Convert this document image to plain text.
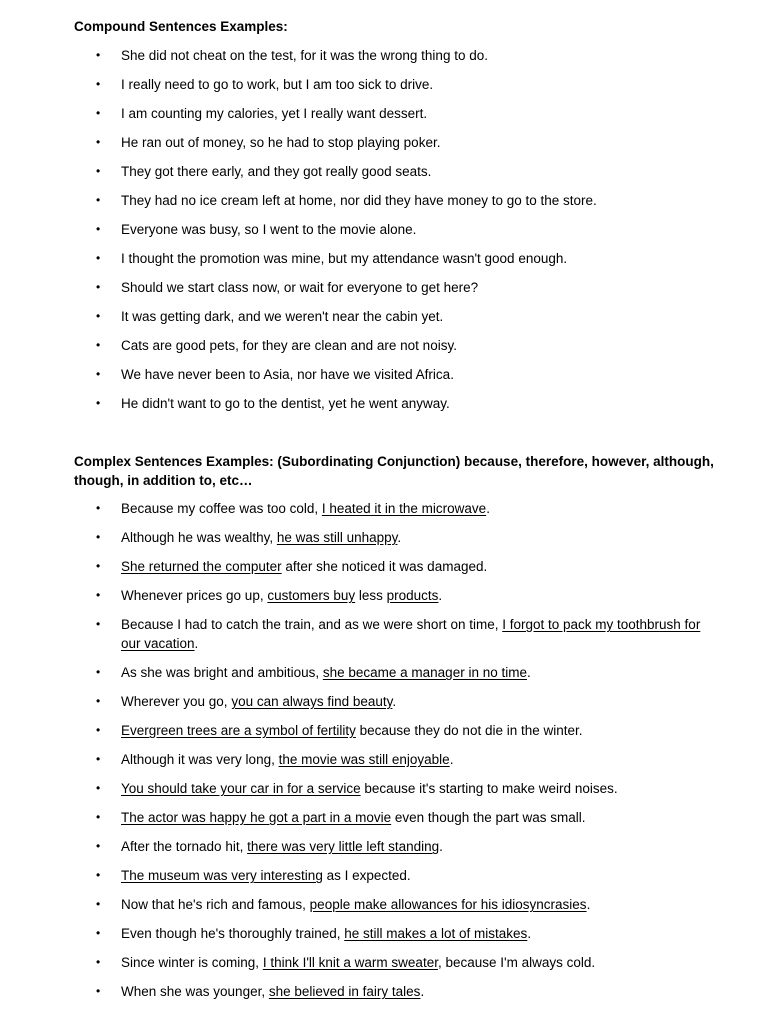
Compound Sentences Examples:
• She did not cheat on the test, for it was the wrong thing to do.
• I really need to go to work, but I am too sick to drive.
• I am counting my calories, yet I really want dessert.
• He ran out of money, so he had to stop playing poker.
• They got there early, and they got really good seats.
• They had no ice cream left at home, nor did they have money to go to the store.
• Everyone was busy, so I went to the movie alone.
• I thought the promotion was mine, but my attendance wasn't good enough.
• Should we start class now, or wait for everyone to get here?
• It was getting dark, and we weren't near the cabin yet.
• Cats are good pets, for they are clean and are not noisy.
• We have never been to Asia, nor have we visited Africa.
• He didn't want to go to the dentist, yet he went anyway.
Complex Sentences Examples: (Subordinating Conjunction) because, therefore, however, although, though, in addition to, etc…
• Because my coffee was too cold, I heated it in the microwave.
• Although he was wealthy, he was still unhappy.
• She returned the computer after she noticed it was damaged.
• Whenever prices go up, customers buy less products.
• Because I had to catch the train, and as we were short on time, I forgot to pack my toothbrush for our vacation.
• As she was bright and ambitious, she became a manager in no time.
• Wherever you go, you can always find beauty.
• Evergreen trees are a symbol of fertility because they do not die in the winter.
• Although it was very long, the movie was still enjoyable.
• You should take your car in for a service because it's starting to make weird noises.
• The actor was happy he got a part in a movie even though the part was small.
• After the tornado hit, there was very little left standing.
• The museum was very interesting as I expected.
• Now that he's rich and famous, people make allowances for his idiosyncrasies.
• Even though he's thoroughly trained, he still makes a lot of mistakes.
• Since winter is coming, I think I'll knit a warm sweater, because I'm always cold.
• When she was younger, she believed in fairy tales.
